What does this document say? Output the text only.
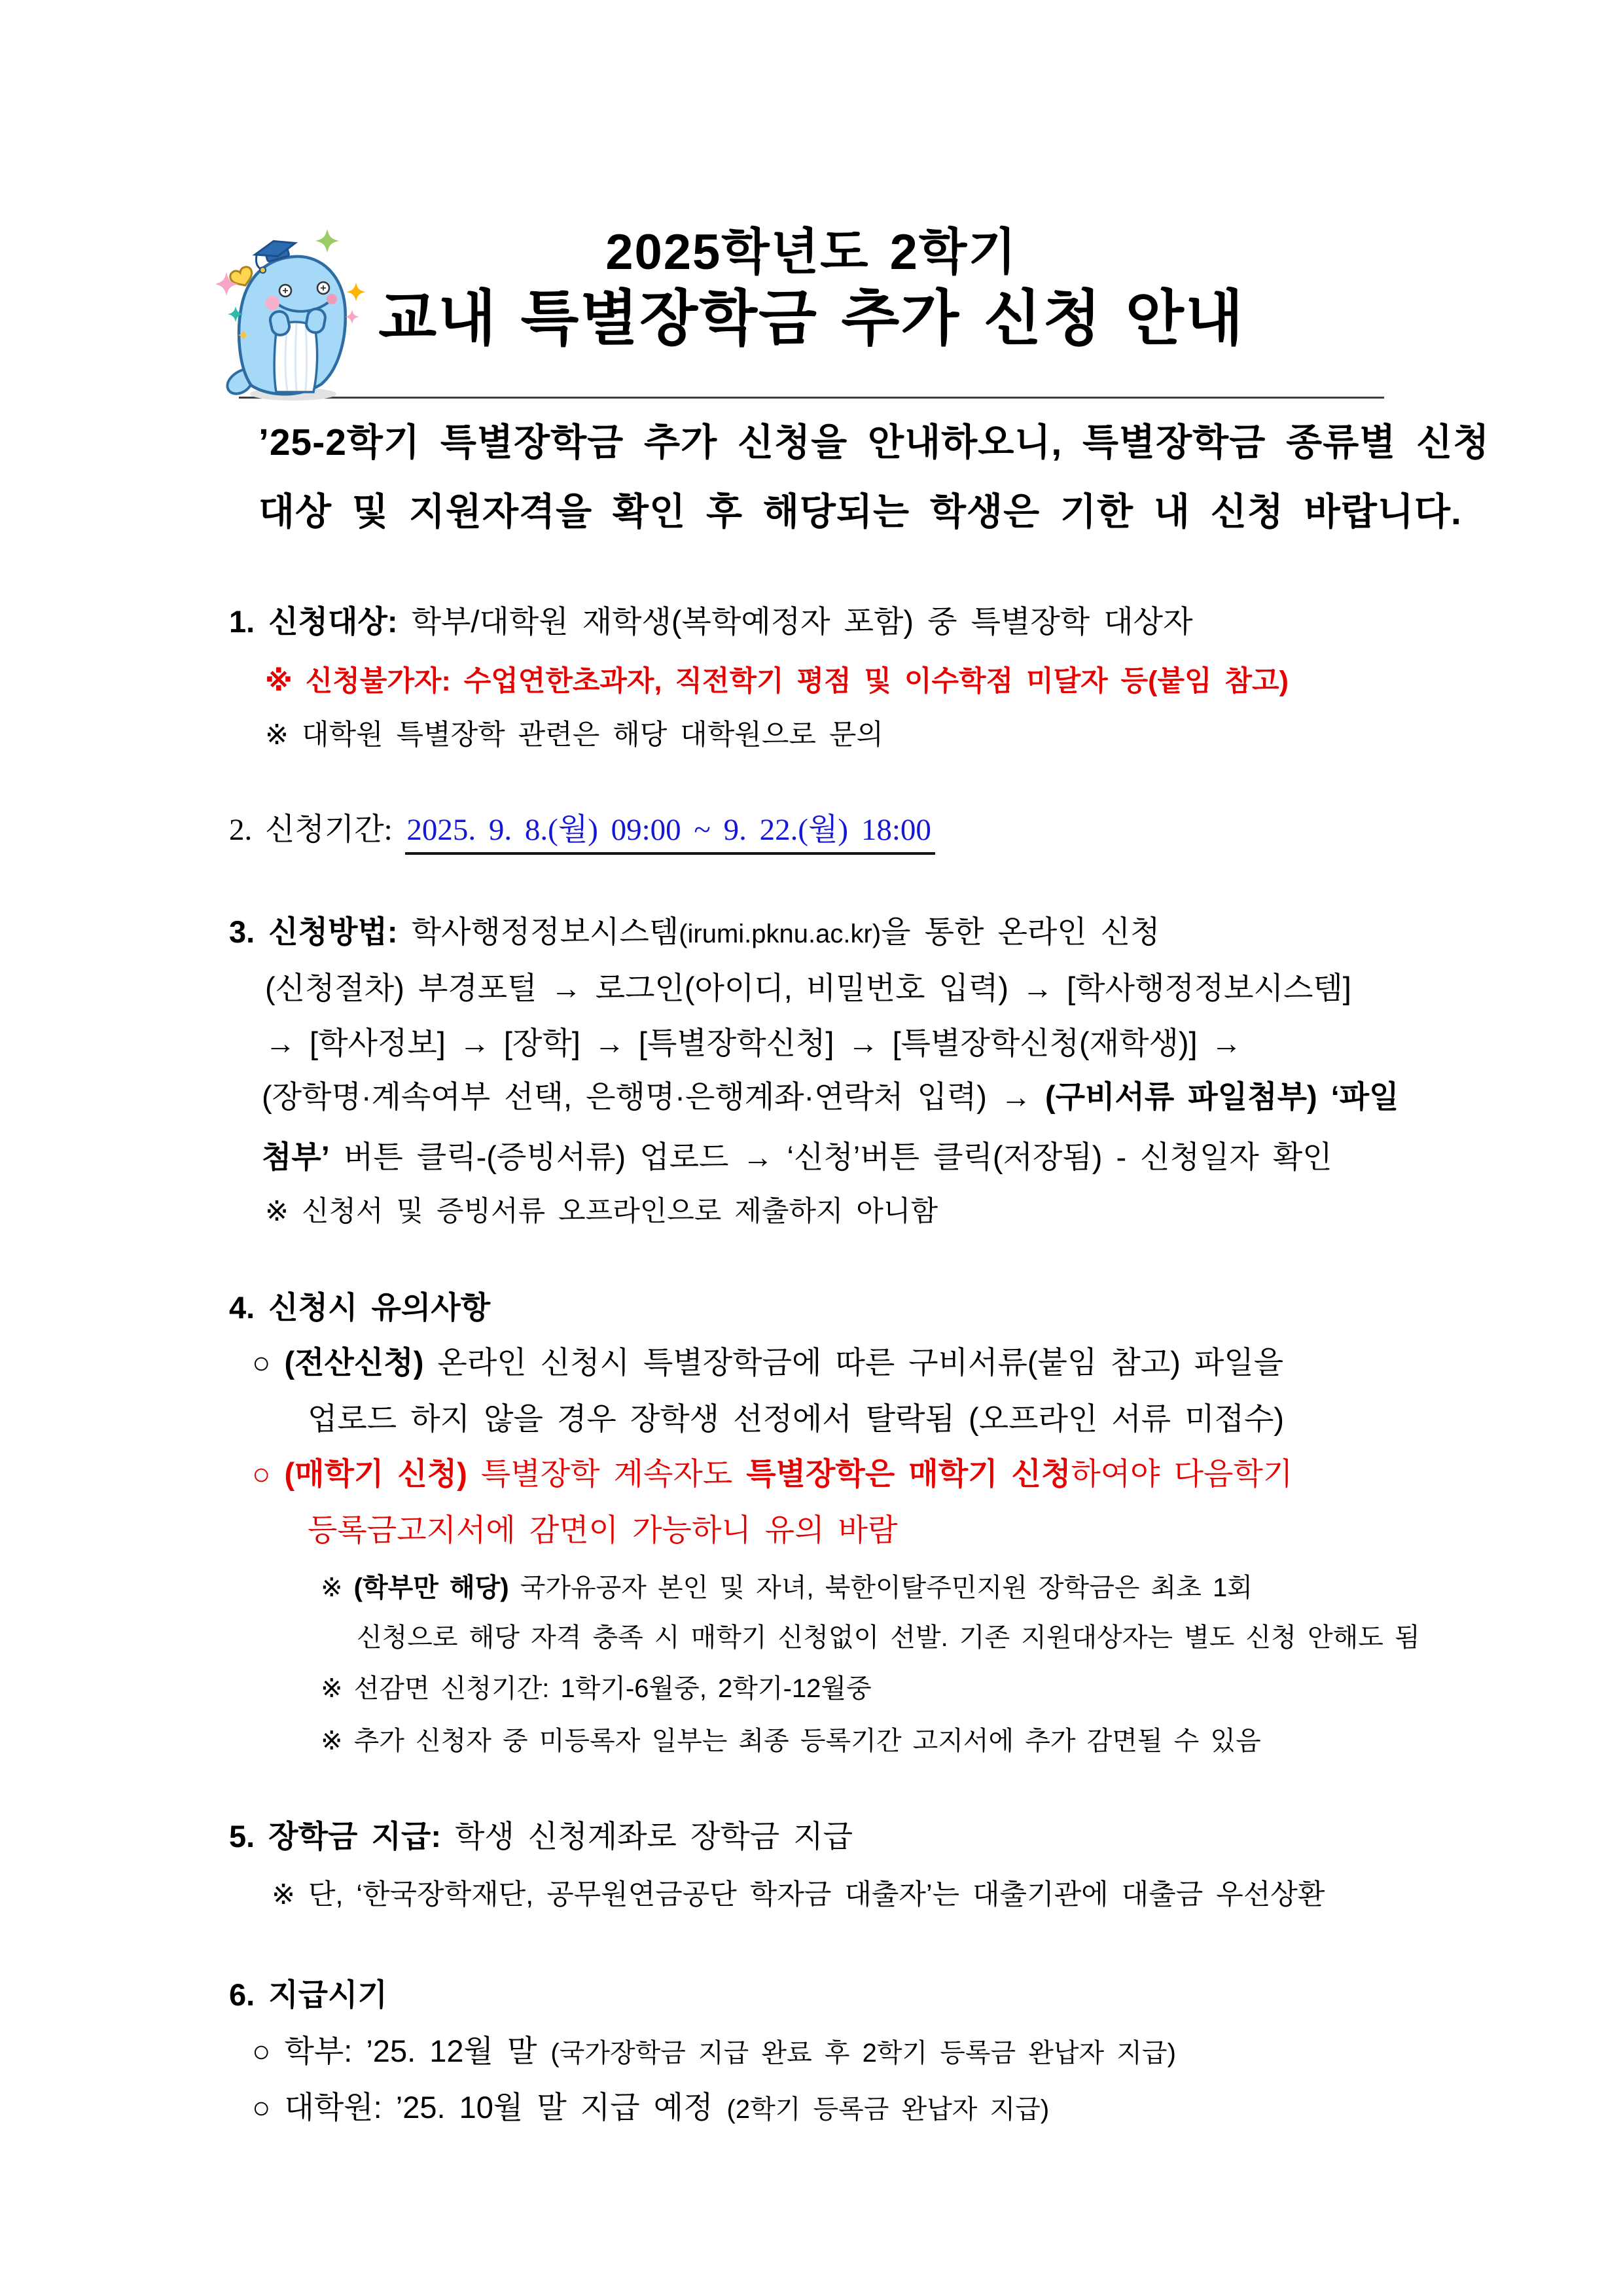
2025학년도 2학기
교내 특별장학금 추가 신청 안내
’25-2학기 특별장학금 추가 신청을 안내하오니, 특별장학금 종류별 신청
대상 및 지원자격을 확인 후 해당되는 학생은 기한 내 신청 바랍니다.
1. 신청대상: 학부/대학원 재학생(복학예정자 포함) 중 특별장학 대상자
※ 신청불가자: 수업연한초과자, 직전학기 평점 및 이수학점 미달자 등(붙임 참고)
※ 대학원 특별장학 관련은 해당 대학원으로 문의
2. 신청기간: 2025. 9. 8.(월) 09:00 ~ 9. 22.(월) 18:00
3. 신청방법: 학사행정정보시스템(irumi.pknu.ac.kr)을 통한 온라인 신청
(신청절차) 부경포털 → 로그인(아이디, 비밀번호 입력) → [학사행정정보시스템]
→ [학사정보] → [장학] → [특별장학신청] → [특별장학신청(재학생)] →
(장학명·계속여부 선택, 은행명·은행계좌·연락처 입력) → (구비서류 파일첨부) ‘파일
첨부’ 버튼 클릭-(증빙서류) 업로드 → ‘신청’버튼 클릭(저장됨) - 신청일자 확인
※ 신청서 및 증빙서류 오프라인으로 제출하지 아니함
4. 신청시 유의사항
○ (전산신청) 온라인 신청시 특별장학금에 따른 구비서류(붙임 참고) 파일을
업로드 하지 않을 경우 장학생 선정에서 탈락됨 (오프라인 서류 미접수)
○ (매학기 신청) 특별장학 계속자도 특별장학은 매학기 신청하여야 다음학기
등록금고지서에 감면이 가능하니 유의 바람
※ (학부만 해당) 국가유공자 본인 및 자녀, 북한이탈주민지원 장학금은 최초 1회
신청으로 해당 자격 충족 시 매학기 신청없이 선발. 기존 지원대상자는 별도 신청 안해도 됨
※ 선감면 신청기간: 1학기-6월중, 2학기-12월중
※ 추가 신청자 중 미등록자 일부는 최종 등록기간 고지서에 추가 감면될 수 있음
5. 장학금 지급: 학생 신청계좌로 장학금 지급
※ 단, ‘한국장학재단, 공무원연금공단 학자금 대출자’는 대출기관에 대출금 우선상환
6. 지급시기
○ 학부: ’25. 12월 말 (국가장학금 지급 완료 후 2학기 등록금 완납자 지급)
○ 대학원: ’25. 10월 말 지급 예정 (2학기 등록금 완납자 지급)
